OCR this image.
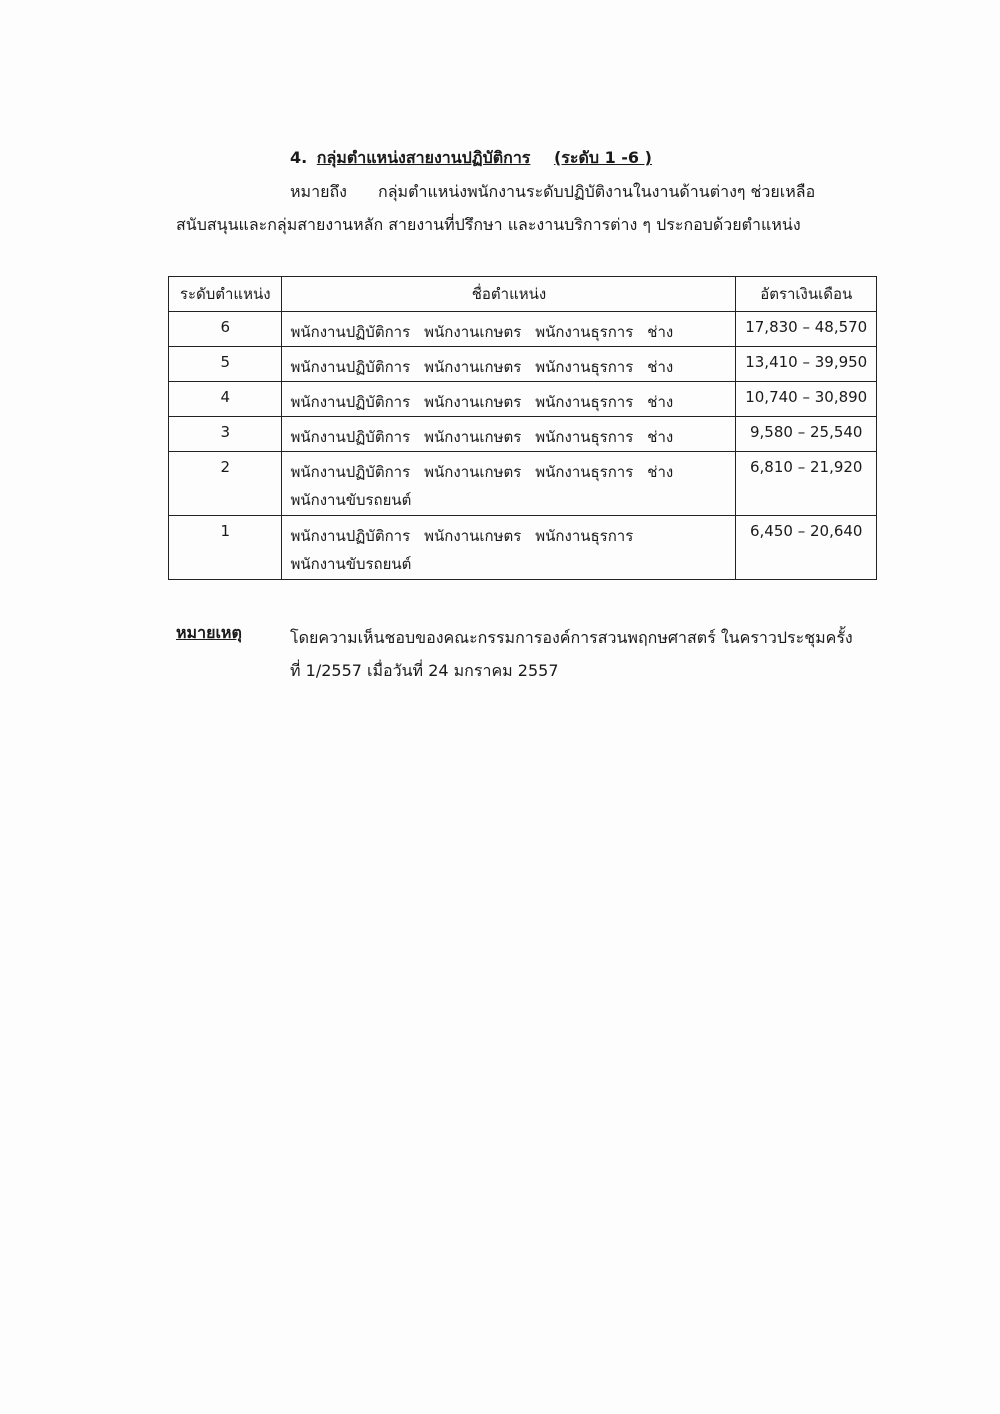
4. กลุ่มตำแหน่งสายงานปฏิบัติการ (ระดับ 1 -6 )
หมายถึง กลุ่มตำแหน่งพนักงานระดับปฏิบัติงานในงานด้านต่างๆ ช่วยเหลือ
สนับสนุนและกลุ่มสายงานหลัก สายงานที่ปรึกษา และงานบริการต่าง ๆ ประกอบด้วยตำแหน่ง
ระดับตำแหน่ง	ชื่อตำแหน่ง	อัตราเงินเดือน
6	พนักงานปฏิบัติการ พนักงานเกษตร พนักงานธุรการ ช่าง	17,830 – 48,570
5	พนักงานปฏิบัติการ พนักงานเกษตร พนักงานธุรการ ช่าง	13,410 – 39,950
4	พนักงานปฏิบัติการ พนักงานเกษตร พนักงานธุรการ ช่าง	10,740 – 30,890
3	พนักงานปฏิบัติการ พนักงานเกษตร พนักงานธุรการ ช่าง	9,580 – 25,540
2	พนักงานปฏิบัติการ พนักงานเกษตร พนักงานธุรการ ช่าง
พนักงานขับรถยนต์	6,810 – 21,920
1	พนักงานปฏิบัติการ พนักงานเกษตร พนักงานธุรการ
พนักงานขับรถยนต์	6,450 – 20,640
หมายเหตุ	โดยความเห็นชอบของคณะกรรมการองค์การสวนพฤกษศาสตร์ ในคราวประชุมครั้ง
ที่ 1/2557 เมื่อวันที่ 24 มกราคม 2557
